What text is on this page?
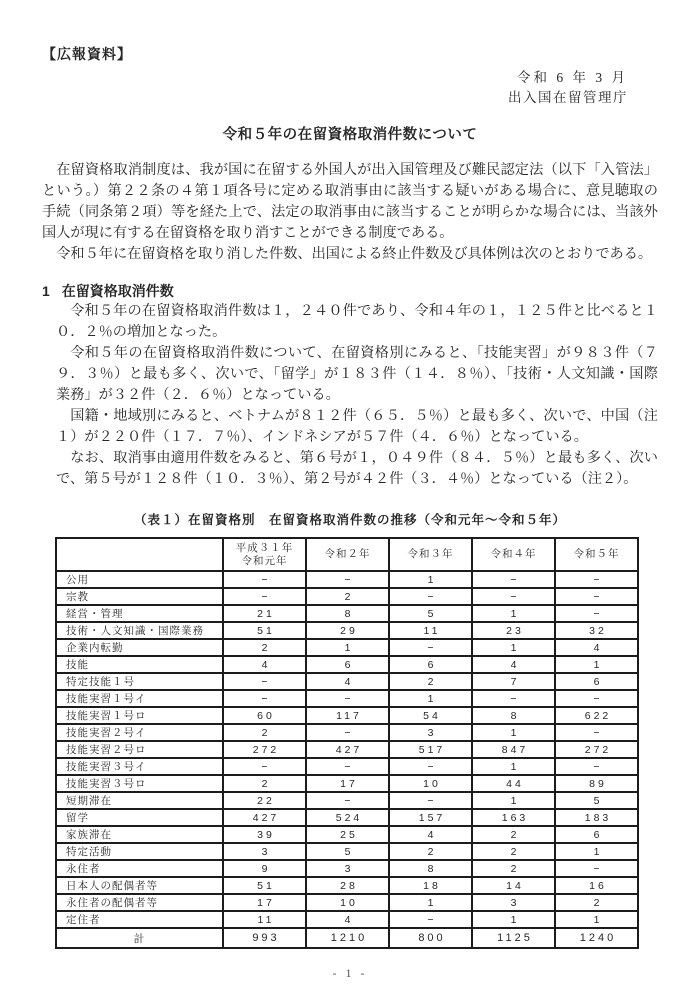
【広報資料】
令和 6 年 3 月
出入国在留管理庁
令和５年の在留資格取消件数について

在留資格取消制度は、我が国に在留する外国人が出入国管理及び難民認定法（以下「入管法」という。）第２２条の４第１項各号に定める取消事由に該当する疑いがある場合に、意見聴取の手続（同条第２項）等を経た上で、法定の取消事由に該当することが明らかな場合には、当該外国人が現に有する在留資格を取り消すことができる制度である。

令和５年に在留資格を取り消した件数、出国による終止件数及び具体例は次のとおりである。

1 在留資格取消件数

令和５年の在留資格取消件数は１，２４０件であり、令和４年の１，１２５件と比べると１０．２％の増加となった。

令和５年の在留資格取消件数について、在留資格別にみると、「技能実習」が９８３件（７９．３％）と最も多く、次いで、「留学」が１８３件（１４．８％）、「技術・人文知識・国際業務」が３２件（２．６％）となっている。

国籍・地域別にみると、ベトナムが８１２件（６５．５％）と最も多く、次いで、中国（注１）が２２０件（１７．７％）、インドネシアが５７件（４．６％）となっている。

なお、取消事由適用件数をみると、第６号が１，０４９件（８４．５％）と最も多く、次いで、第５号が１２８件（１０．３％）、第２号が４２件（３．４％）となっている（注２）。

（表１）在留資格別　在留資格取消件数の推移（令和元年～令和５年）

	平成３１年
令和元年	令和２年	令和３年	令和４年	令和５年
公用	−	−	1	−	−
宗教	−	2	−	−	−
経営・管理	21	8	5	1	−
技術・人文知識・国際業務	51	29	11	23	32
企業内転勤	2	1	−	1	4
技能	4	6	6	4	1
特定技能１号	−	4	2	7	6
技能実習１号イ	−	−	1	−	−
技能実習１号ロ	60	117	54	8	622
技能実習２号イ	2	−	3	1	−
技能実習２号ロ	272	427	517	847	272
技能実習３号イ	−	−	−	1	−
技能実習３号ロ	2	17	10	44	89
短期滞在	22	−	−	1	5
留学	427	524	157	163	183
家族滞在	39	25	4	2	6
特定活動	3	5	2	2	1
永住者	9	3	8	2	−
日本人の配偶者等	51	28	18	14	16
永住者の配偶者等	17	10	1	3	2
定住者	11	4	−	1	1
計	993	1210	800	1125	1240
- 1 -
